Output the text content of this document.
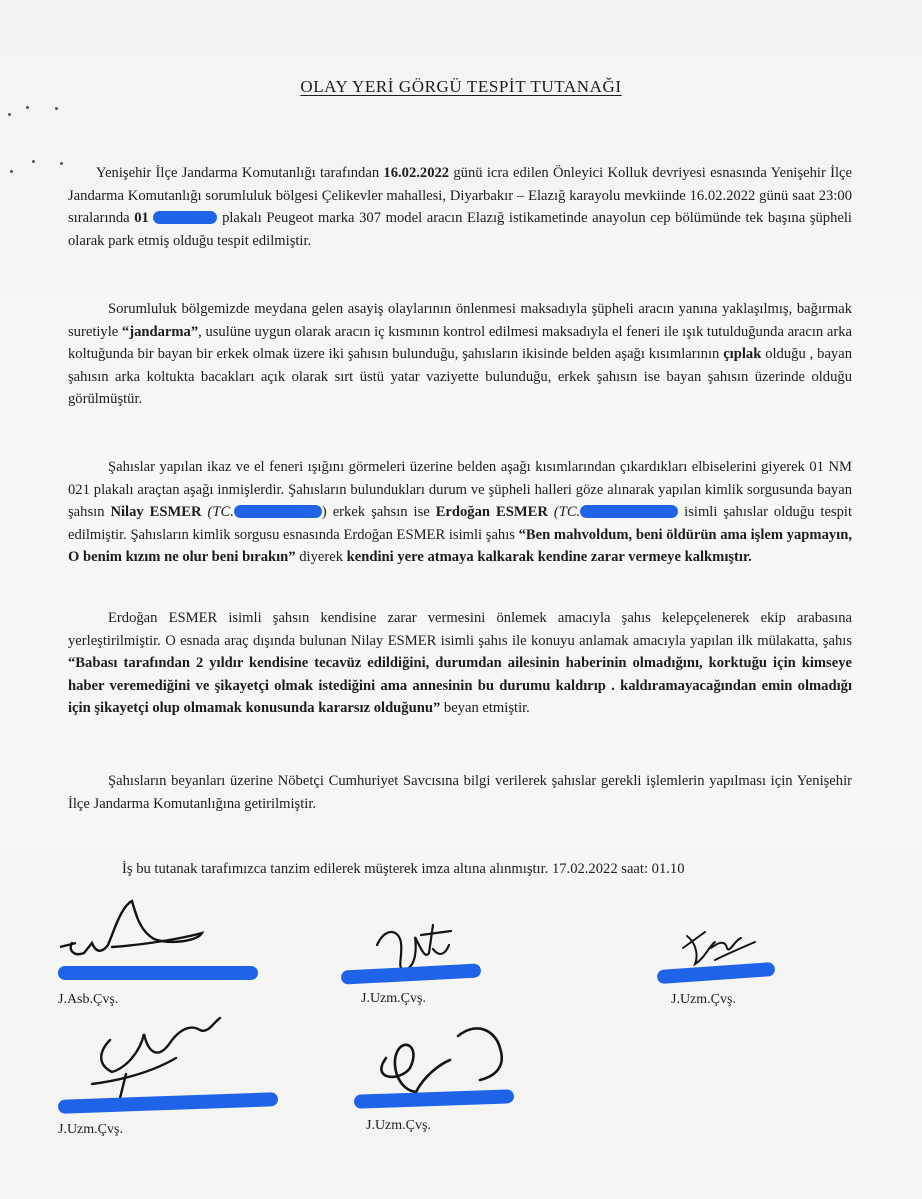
OLAY YERİ GÖRGÜ TESPİT TUTANAĞI
Yenişehir İlçe Jandarma Komutanlığı tarafından 16.02.2022 günü icra edilen Önleyici Kolluk devriyesi esnasında Yenişehir İlçe Jandarma Komutanlığı sorumluluk bölgesi Çelikevler mahallesi, Diyarbakır – Elazığ karayolu mevkiinde 16.02.2022 günü saat 23:00 sıralarında 01	plakalı Peugeot marka 307 model aracın Elazığ istikametinde anayolun cep bölümünde tek başına şüpheli olarak park etmiş olduğu tespit edilmiştir.
Sorumluluk bölgemizde meydana gelen asayiş olaylarının önlenmesi maksadıyla şüpheli aracın yanına yaklaşılmış, bağırmak suretiyle “jandarma”, usulüne uygun olarak aracın iç kısmının kontrol edilmesi maksadıyla el feneri ile ışık tutulduğunda aracın arka koltuğunda bir bayan bir erkek olmak üzere iki şahısın bulunduğu, şahısların ikisinde belden aşağı kısımlarının çıplak olduğu , bayan şahısın arka koltukta bacakları açık olarak sırt üstü yatar vaziyette bulunduğu, erkek şahısın ise bayan şahısın üzerinde olduğu görülmüştür.
Şahıslar yapılan ikaz ve el feneri ışığını görmeleri üzerine belden aşağı kısımlarından çıkardıkları elbiselerini giyerek 01 NM 021 plakalı araçtan aşağı inmişlerdir. Şahısların bulundukları durum ve şüpheli halleri göze alınarak yapılan kimlik sorgusunda bayan şahsın Nilay ESMER (TC.	) erkek şahsın ise Erdoğan ESMER (TC.	isimli şahıslar olduğu tespit edilmiştir. Şahısların kimlik sorgusu esnasında Erdoğan ESMER isimli şahıs “Ben mahvoldum, beni öldürün ama işlem yapmayın, O benim kızım ne olur beni bırakın” diyerek kendini yere atmaya kalkarak kendine zarar vermeye kalkmıştır.
Erdoğan ESMER isimli şahsın kendisine zarar vermesini önlemek amacıyla şahıs kelepçelenerek ekip arabasına yerleştirilmiştir. O esnada araç dışında bulunan Nilay ESMER isimli şahıs ile konuyu anlamak amacıyla yapılan ilk mülakatta, şahıs “Babası tarafından 2 yıldır kendisine tecavüz edildiğini, durumdan ailesinin haberinin olmadığını, korktuğu için kimseye haber veremediğini ve şikayetçi olmak istediğini ama annesinin bu durumu kaldırıp . kaldıramayacağından emin olmadığı için şikayetçi olup olmamak konusunda kararsız olduğunu” beyan etmiştir.
Şahısların beyanları üzerine Nöbetçi Cumhuriyet Savcısına bilgi verilerek şahıslar gerekli işlemlerin yapılması için Yenişehir İlçe Jandarma Komutanlığına getirilmiştir.
İş bu tutanak tarafımızca tanzim edilerek müşterek imza altına alınmıştır. 17.02.2022 saat: 01.10
J.Asb.Çvş.	J.Uzm.Çvş.	J.Uzm.Çvş.
J.Uzm.Çvş.	J.Uzm.Çvş.
